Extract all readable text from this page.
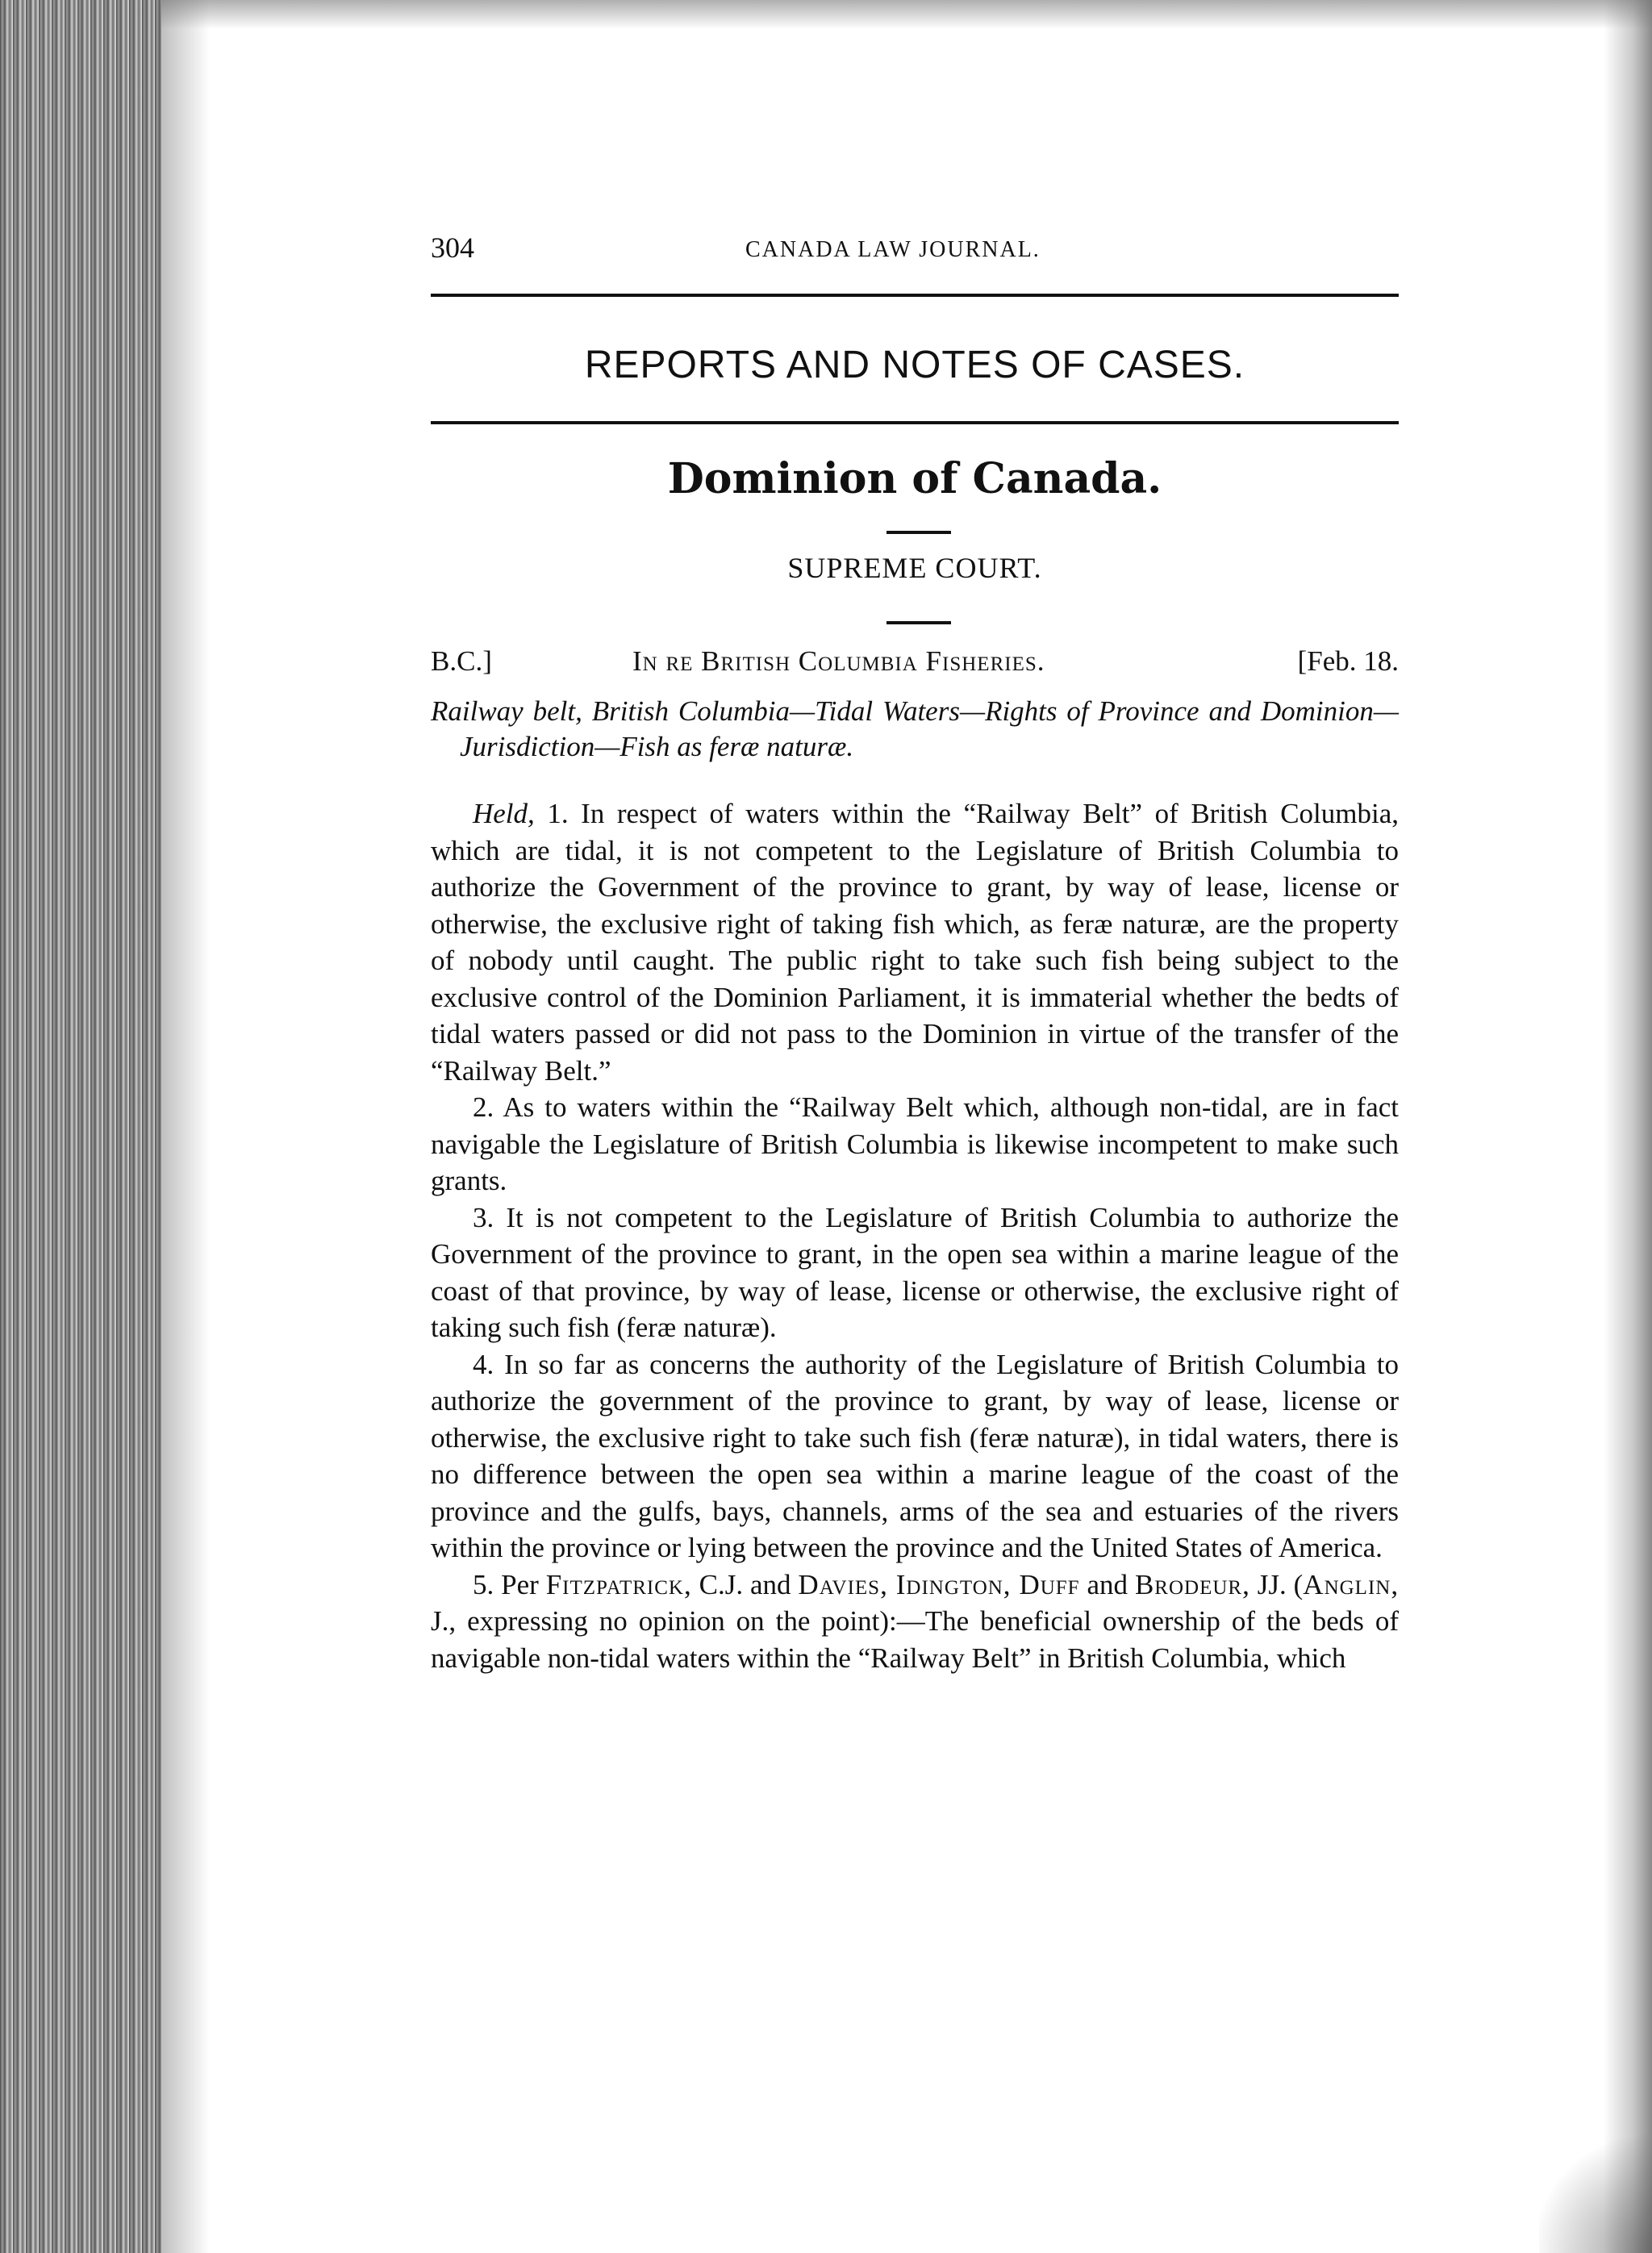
304	CANADA LAW JOURNAL.
REPORTS AND NOTES OF CASES.
Dominion of Canada.
SUPREME COURT.
B.C.]	In re British Columbia Fisheries.	[Feb. 18.
Railway belt, British Columbia—Tidal Waters—Rights of Province and Dominion—Jurisdiction—Fish as feræ naturæ.

Held, 1. In respect of waters within the “Railway Belt” of British Columbia, which are tidal, it is not competent to the Legislature of British Columbia to authorize the Government of the province to grant, by way of lease, license or otherwise, the exclusive right of taking fish which, as feræ naturæ, are the property of nobody until caught. The public right to take such fish being subject to the exclusive control of the Dominion Parliament, it is immaterial whether the bedts of tidal waters passed or did not pass to the Dominion in virtue of the transfer of the “Railway Belt.”

2. As to waters within the “Railway Belt which, although non-tidal, are in fact navigable the Legislature of British Columbia is likewise incompetent to make such grants.

3. It is not competent to the Legislature of British Columbia to authorize the Government of the province to grant, in the open sea within a marine league of the coast of that province, by way of lease, license or otherwise, the exclusive right of taking such fish (feræ naturæ).

4. In so far as concerns the authority of the Legislature of British Columbia to authorize the government of the province to grant, by way of lease, license or otherwise, the exclusive right to take such fish (feræ naturæ), in tidal waters, there is no difference between the open sea within a marine league of the coast of the province and the gulfs, bays, channels, arms of the sea and estuaries of the rivers within the province or lying between the province and the United States of America.

5. Per Fitzpatrick, C.J. and Davies, Idington, Duff and Brodeur, JJ. (Anglin, J., expressing no opinion on the point):—The beneficial ownership of the beds of navigable non-tidal waters within the “Railway Belt” in British Columbia, which
